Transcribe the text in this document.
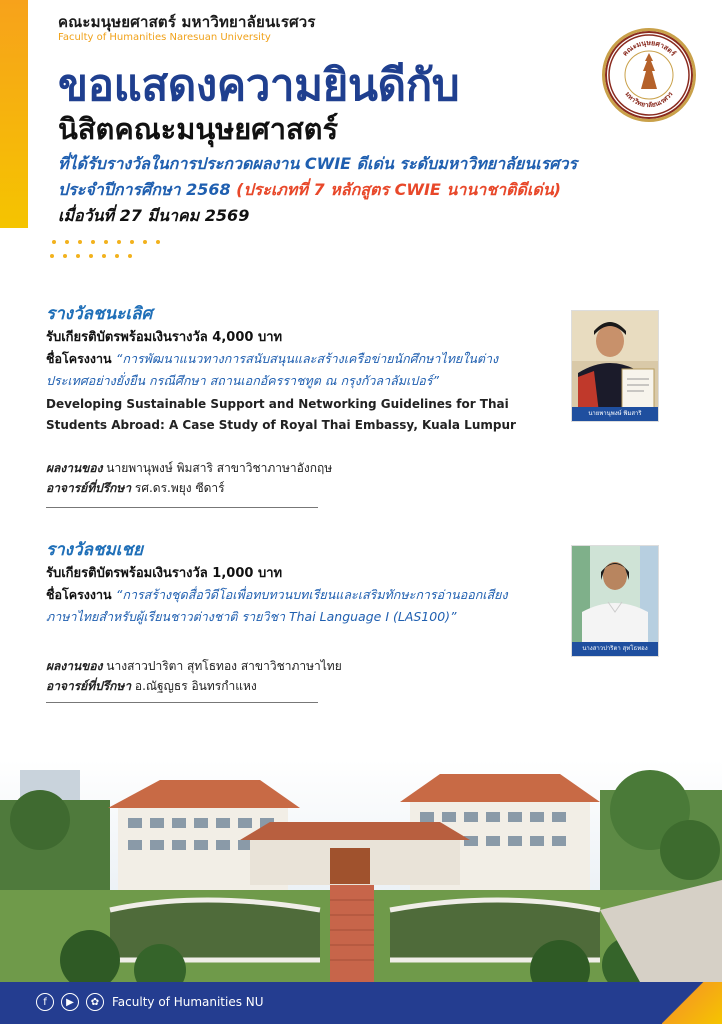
คณะมนุษยศาสตร์ มหาวิทยาลัยนเรศวร
Faculty of Humanities Naresuan University
คณะมนุษยศาสตร์
มหาวิทยาลัยนเรศวร
ขอแสดงความยินดีกับ
นิสิตคณะมนุษยศาสตร์
ที่ได้รับรางวัลในการประกวดผลงาน CWIE ดีเด่น ระดับมหาวิทยาลัยนเรศวร
ประจำปีการศึกษา 2568 (ประเภทที่ 7 หลักสูตร CWIE นานาชาติดีเด่น)
เมื่อวันที่ 27 มีนาคม 2569
รางวัลชนะเลิศ
รับเกียรติบัตรพร้อมเงินรางวัล 4,000 บาท
ชื่อโครงงาน “การพัฒนาแนวทางการสนับสนุนและสร้างเครือข่ายนักศึกษาไทยในต่างประเทศอย่างยั่งยืน กรณีศึกษา สถานเอกอัครราชทูต ณ กรุงกัวลาลัมเปอร์”
Developing Sustainable Support and Networking Guidelines for Thai Students Abroad: A Case Study of Royal Thai Embassy, Kuala Lumpur
ผลงานของ นายพานุพงษ์ พิมสาริ สาขาวิชาภาษาอังกฤษ
อาจารย์ที่ปรึกษา รศ.ดร.พยุง ซีดาร์
นายพานุพงษ์ พิมสาริ
รางวัลชมเชย
รับเกียรติบัตรพร้อมเงินรางวัล 1,000 บาท
ชื่อโครงงาน “การสร้างชุดสื่อวิดีโอเพื่อทบทวนบทเรียนและเสริมทักษะการอ่านออกเสียงภาษาไทยสำหรับผู้เรียนชาวต่างชาติ รายวิชา Thai Language I (LAS100)”
ผลงานของ นางสาวปาริตา สุทโธทอง สาขาวิชาภาษาไทย
อาจารย์ที่ปรึกษา อ.ณัฐญธร อินทรกำแหง
นางสาวปาริตา สุทโธทอง
f	▶	✿	Faculty of Humanities NU
